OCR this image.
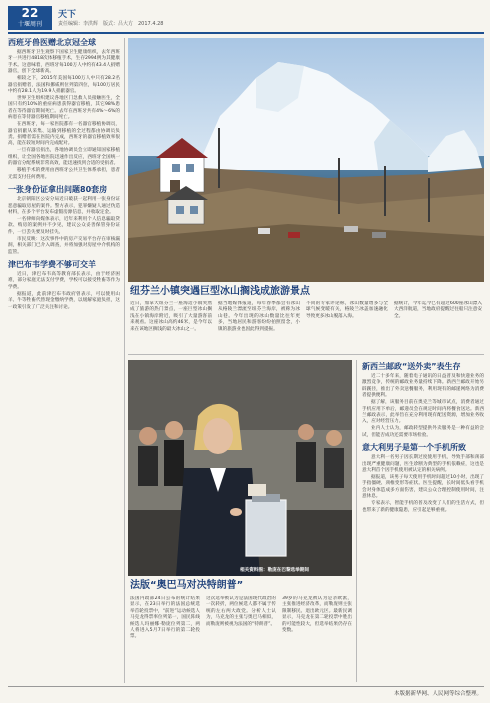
22
十堰周刊
天下
责任编辑：李洪辉　版式：吕大方　2017.4.28
西班牙兽医赠北京冠全球

据西班牙卫生观察下国家卫生健康组织，去年西班牙一共进行4818次体移植手术，生存2994例为其健康手术。这意味着，西班牙每100万人中约有43.4人捐赠器官，创下全球新高。

相较之下，2015年美国每100万人中只有28.2名器官捐赠者，法国和挪威则位列第四位，每100万居民中约有28.1人为19.9人捐献器官。

世界卫生组织建议各地区门急救人员接触医生，全国只有约10%的重症病患获得器官移植，其它98%患者在等待器官期间死亡。去年在西班牙共有4%～6%的病患在等待器官移植期间死亡。

在西班牙，每一家医院都有一名器官移植协调员，器官捐献从采集、运输到移植的全过程都由协调员负责。捐赠者需在医院内完成，西班牙的器官移植效率很高，能在较短时间内完成配对。

一旦有器官捐出，各地协调员会立即通知国家移植组织，让全国各地医院迅速作出反应，西班牙全国统一的器官分配系统非常高效，能迅速找到合适的受捐者。

移植手术的费用由西班牙公共卫生体系承担，患者无需支付任何费用。

一张身份证拿出问题80套房

北京朝阳区公安分局近日破获一起利用一张身份证恶意骗取房屋的案件。警方表示，犯罪嫌疑人通过伪造材料，在多个平台发布虚假房源信息，并收取定金。

一名律师向媒体表示，近年来利用个人信息骗取贷款、购房的案例并不少见，建议公众妥善保管身份证件，一旦丢失要及时挂失。

市民反映：这次事件中的房产交易平台存在审核漏洞，相关部门已介入调查，并将加强对房屋中介机构的监管。

津巴布韦学费不够可交羊

近日，津巴布韦高等教育部长表示，由于经济困难，部分家庭无法支付学费，学校可以接受牲畜等作为学费。

据报道，此前津巴布韦政府曾表示，可以使用山羊、牛等牲畜代替现金缴纳学费，以缓解家庭负担，这一政策引发了广泛关注和讨论。

纽芬兰小镇突遇巨型冰山搁浅成旅游景点
近日，加拿大纽芬兰一座海边小镇突然成了旅游的热门景点，一座巨型冰山搁浅在小镇海岸附近，吸引了大量游客前来观看。这座冰山高约46米，是今年以来在该地区搁浅的最大冰山之一。
据当地媒体报道，每年春季都会有冰山从格陵兰漂流至纽芬兰海岸，被称为冰山巷。今年出现的冰山数量比往年更多，当地居民和游客纷纷拍照留念，小镇的旅游业也因此得到提振。
不同的专家评论称，冰山数量增多与全球气候变暖有关，格陵兰冰盖加速融化导致更多冰山脱落入海。
据统计，今年迄今已有超过600座冰山漂入大西洋航道，当地政府提醒过往船只注意安全。
相关资料图：勒庞在巴黎选举期间
法版“奥巴马对决特朗普”
法国内政部24日公布的统计结果显示，在23日举行的法国总统选举首轮投票中，“前进”运动候选人马克龙得票率位列第一，国民阵线候选人玛丽娜·勒庞位列第二，两人将进入5月7日举行的第二轮投票。
这次选举被认为是法国现代政治的一次转折，两位候选人都不属于传统的左右两大政党。分析人士认为，马克龙的主张与奥巴马相似，而勒庞则被视为法国的“特朗普”。
39岁的马克龙被认为是亲欧派，主张推进经济改革，而勒庞则主张限制移民、退出欧元区。最新民调显示，马克龙在第二轮投票中胜出的可能性较大，但选举结果仍存在变数。
新西兰邮政“送外卖”表生存

近二十多年来，随着电子通讯的日益普及和快递业务的激烈竞争，传统的邮政业务量持续下降。新西兰邮政开始另辟蹊径，推出了外卖送餐服务，利用现有的邮递网络为消费者提供便利。

据了解，该服务目前在奥克兰等城市试点，消费者通过手机应用下单后，邮递员会在规定时间内将餐食送达。新西兰邮政表示，此举旨在充分利用现有配送资源，增加业务收入，应对经营压力。

业内人士认为，邮政转型提供外卖服务是一种有益的尝试，但能否成功还需要市场检验。

意大利男子是第一个手机所致

意大利一名男子因长期过度使用手机，导致手部和颈部出现严重健康问题，医生诊断为典型的手机依赖症，这也是意大利首个因手机使用被认定的相关病例。

据报道，该男子每天使用手机时间超过10小时，出现了手指僵硬、颈椎变形等症状。医生提醒，长时间低头看手机会对身体造成多方面伤害，建议公众合理控制使用时间，注意休息。

专家表示，智能手机的普及改变了人们的生活方式，但也带来了新的健康隐患，应引起足够重视。

本版据新华网、人民网等综合整理。
